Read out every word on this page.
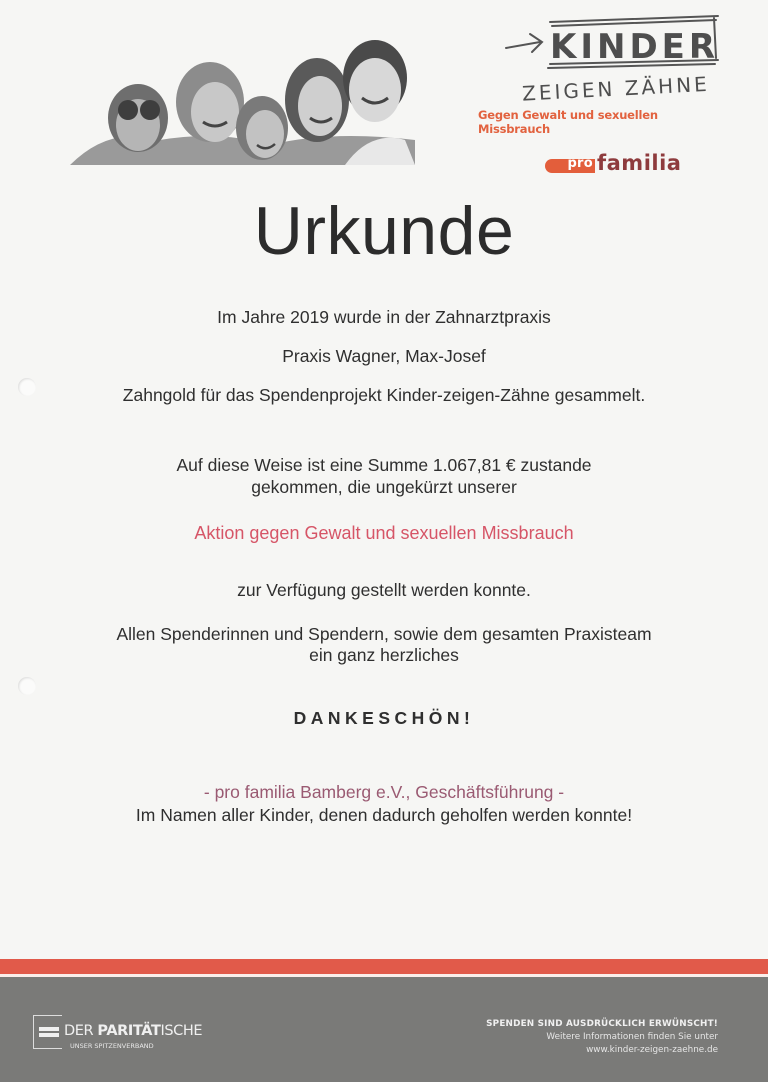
KINDER
ZEIGEN ZÄHNE
Gegen Gewalt und sexuellen Missbrauch
pro familia
Urkunde
Im Jahre 2019 wurde in der Zahnarztpraxis
Praxis Wagner, Max-Josef
Zahngold für das Spendenprojekt Kinder-zeigen-Zähne gesammelt.
Auf diese Weise ist eine Summe 1.067,81 € zustande
gekommen, die ungekürzt unserer
Aktion gegen Gewalt und sexuellen Missbrauch
zur Verfügung gestellt werden konnte.
Allen Spenderinnen und Spendern, sowie dem gesamten Praxisteam
ein ganz herzliches
DANKESCHÖN!
- pro familia Bamberg e.V., Geschäftsführung -
Im Namen aller Kinder, denen dadurch geholfen werden konnte!
DER PARITÄTISCHE
UNSER SPITZENVERBAND
SPENDEN SIND AUSDRÜCKLICH ERWÜNSCHT!
Weitere Informationen finden Sie unter
www.kinder-zeigen-zaehne.de
